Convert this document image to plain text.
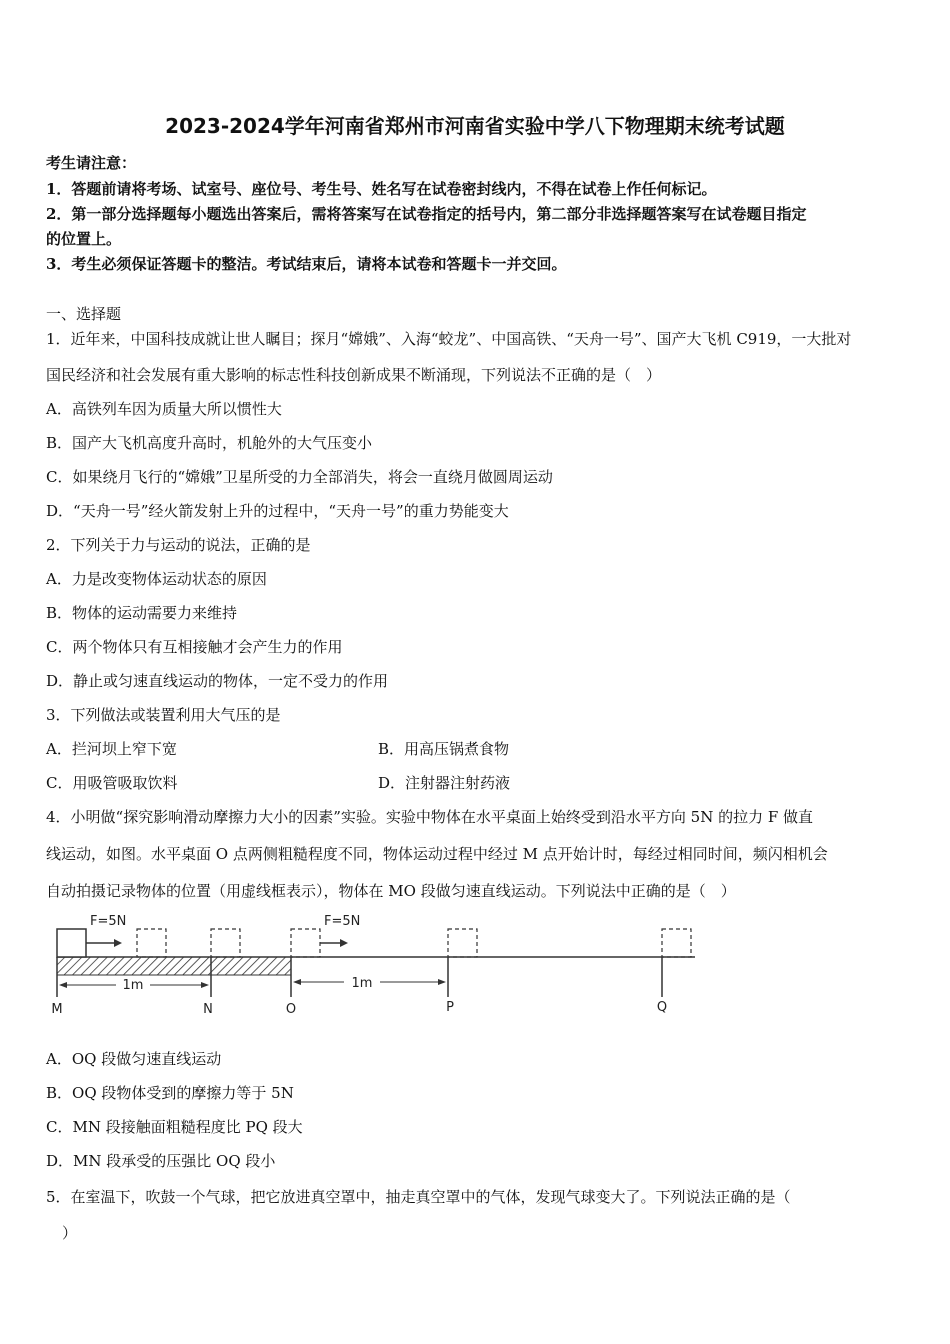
2023-2024学年河南省郑州市河南省实验中学八下物理期末统考试题
考生请注意：
1．答题前请将考场、试室号、座位号、考生号、姓名写在试卷密封线内，不得在试卷上作任何标记。
2．第一部分选择题每小题选出答案后，需将答案写在试卷指定的括号内，第二部分非选择题答案写在试卷题目指定
的位置上。
3．考生必须保证答题卡的整洁。考试结束后，请将本试卷和答题卡一并交回。
一、选择题
1．近年来，中国科技成就让世人瞩目；探月“嫦娥”、入海“蛟龙”、中国高铁、“天舟一号”、国产大飞机 C919，一大批对
国民经济和社会发展有重大影响的标志性科技创新成果不断涌现，下列说法不正确的是（　）
A．高铁列车因为质量大所以惯性大
B．国产大飞机高度升高时，机舱外的大气压变小
C．如果绕月飞行的“嫦娥”卫星所受的力全部消失，将会一直绕月做圆周运动
D．“天舟一号”经火箭发射上升的过程中，“天舟一号”的重力势能变大
2．下列关于力与运动的说法，正确的是
A．力是改变物体运动状态的原因
B．物体的运动需要力来维持
C．两个物体只有互相接触才会产生力的作用
D．静止或匀速直线运动的物体，一定不受力的作用
3．下列做法或装置利用大气压的是
A．拦河坝上窄下宽	B．用高压锅煮食物
C．用吸管吸取饮料	D．注射器注射药液
4．小明做“探究影响滑动摩擦力大小的因素”实验。实验中物体在水平桌面上始终受到沿水平方向 5N 的拉力 F 做直
线运动，如图。水平桌面 O 点两侧粗糙程度不同，物体运动过程中经过 M 点开始计时，每经过相同时间，频闪相机会
自动拍摄记录物体的位置（用虚线框表示），物体在 MO 段做匀速直线运动。下列说法中正确的是（　）
F=5N	F=5N
1m	1m
M	N	O	P	Q
A．OQ 段做匀速直线运动
B．OQ 段物体受到的摩擦力等于 5N
C．MN 段接触面粗糙程度比 PQ 段大
D．MN 段承受的压强比 OQ 段小
5．在室温下，吹鼓一个气球，把它放进真空罩中，抽走真空罩中的气体，发现气球变大了。下列说法正确的是（
）
